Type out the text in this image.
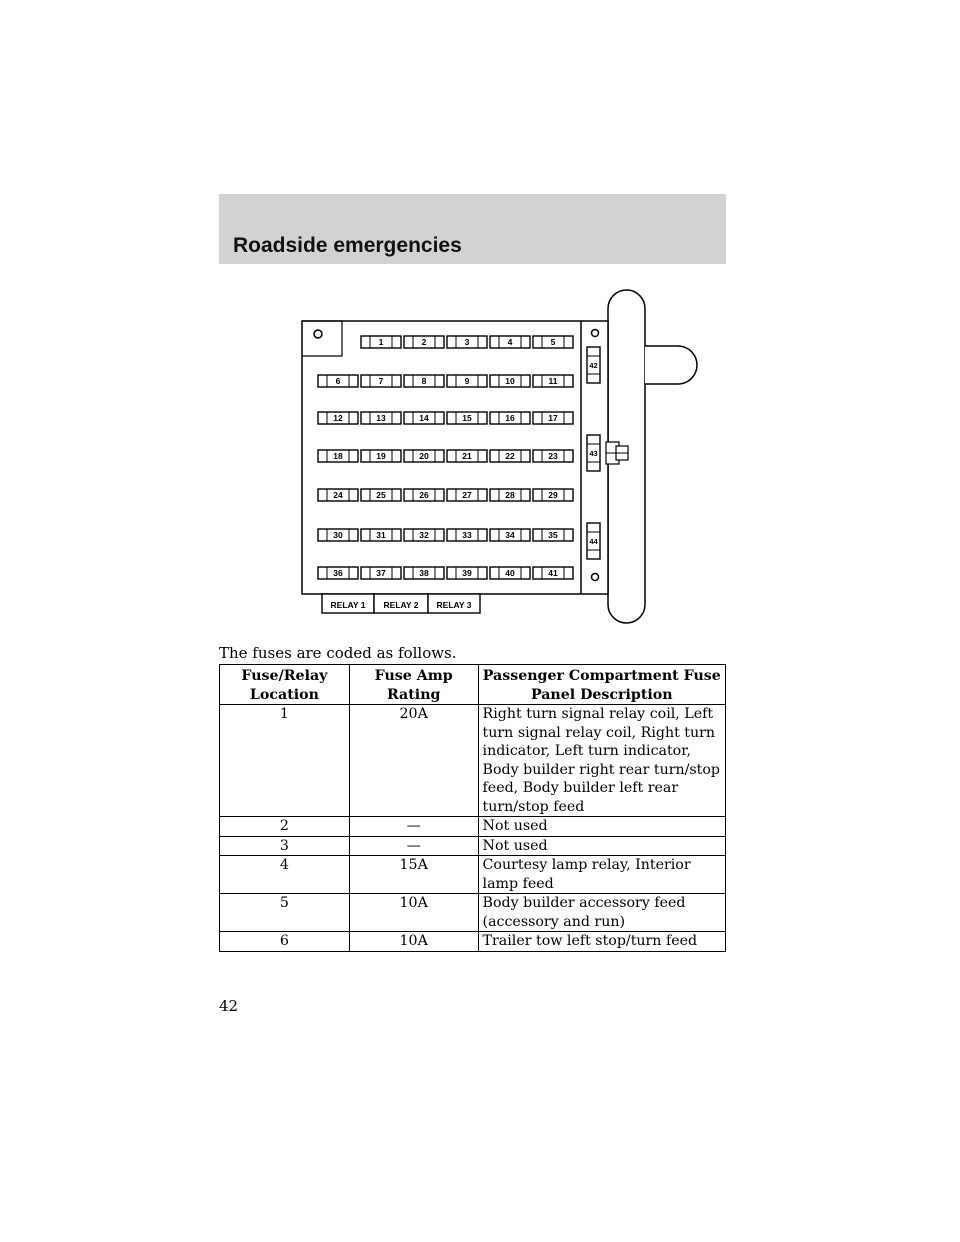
Roadside emergencies
1	2	3	4	5
6	7	8	9	10	11
12	13	14	15	16	17
18	19	20	21	22	23
24	25	26	27	28	29
30	31	32	33	34	35
36	37	38	39	40	41
42
43
44
RELAY 1 RELAY 2 RELAY 3
The fuses are coded as follows.
Fuse/Relay Location	Fuse Amp Rating	Passenger Compartment Fuse Panel Description
1	20A	Right turn signal relay coil, Left turn signal relay coil, Right turn indicator, Left turn indicator, Body builder right rear turn/stop feed, Body builder left rear turn/stop feed
2	—	Not used
3	—	Not used
4	15A	Courtesy lamp relay, Interior lamp feed
5	10A	Body builder accessory feed (accessory and run)
6	10A	Trailer tow left stop/turn feed
42
